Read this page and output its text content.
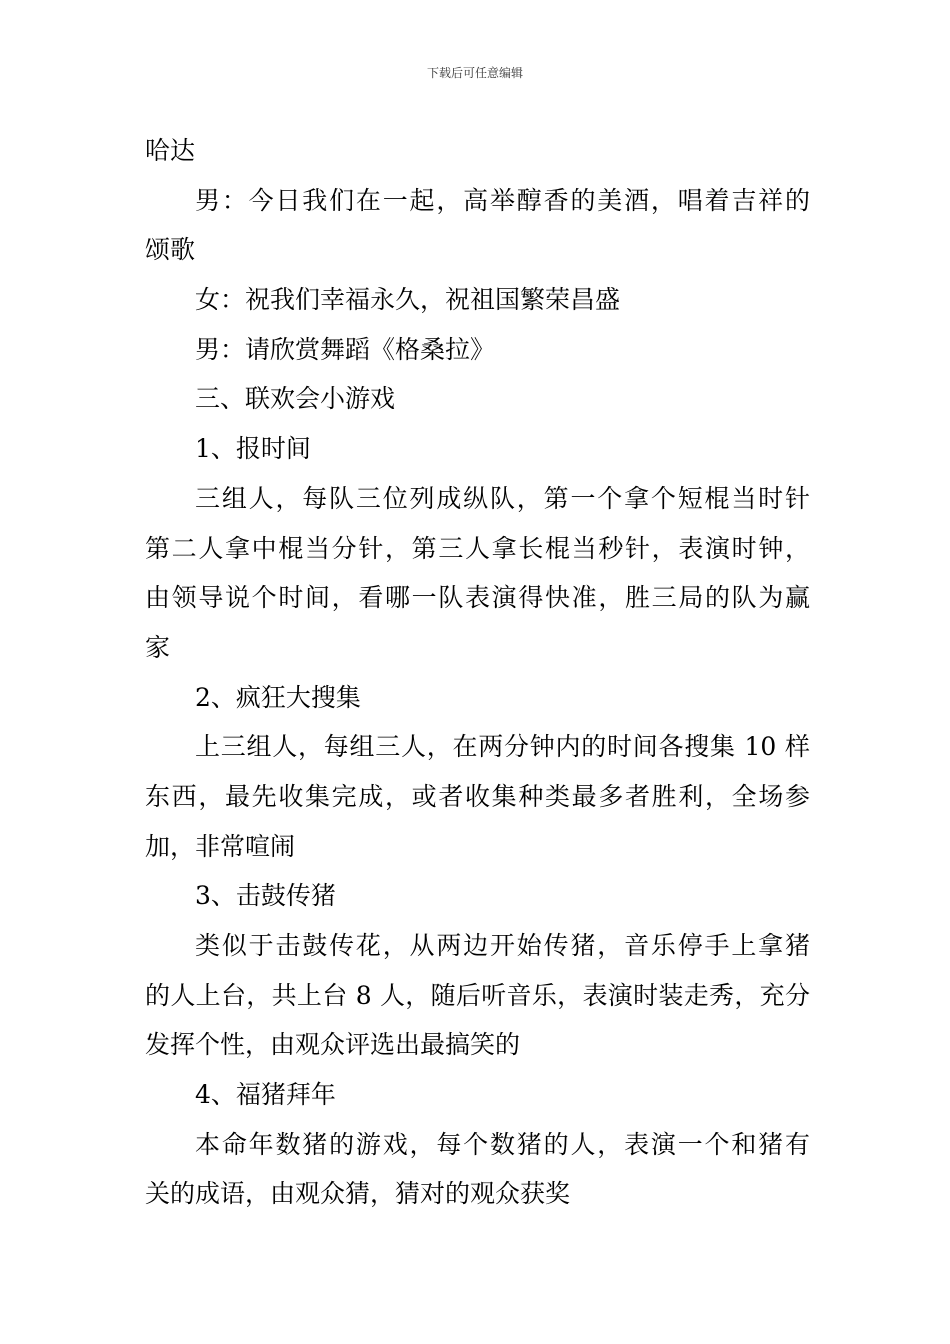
下载后可任意编辑
哈达
男：今日我们在一起，高举醇香的美酒，唱着吉祥的
颂歌
女：祝我们幸福永久，祝祖国繁荣昌盛
男：请欣赏舞蹈《格桑拉》
三、联欢会小游戏
1、报时间
三组人，每队三位列成纵队，第一个拿个短棍当时针
第二人拿中棍当分针，第三人拿长棍当秒针，表演时钟，
由领导说个时间，看哪一队表演得快准，胜三局的队为赢
家
2、疯狂大搜集
上三组人，每组三人，在两分钟内的时间各搜集 10 样
东西，最先收集完成，或者收集种类最多者胜利，全场参
加，非常喧闹
3、击鼓传猪
类似于击鼓传花，从两边开始传猪，音乐停手上拿猪
的人上台，共上台 8 人，随后听音乐，表演时装走秀，充分
发挥个性，由观众评选出最搞笑的
4、福猪拜年
本命年数猪的游戏，每个数猪的人，表演一个和猪有
关的成语，由观众猜，猜对的观众获奖
